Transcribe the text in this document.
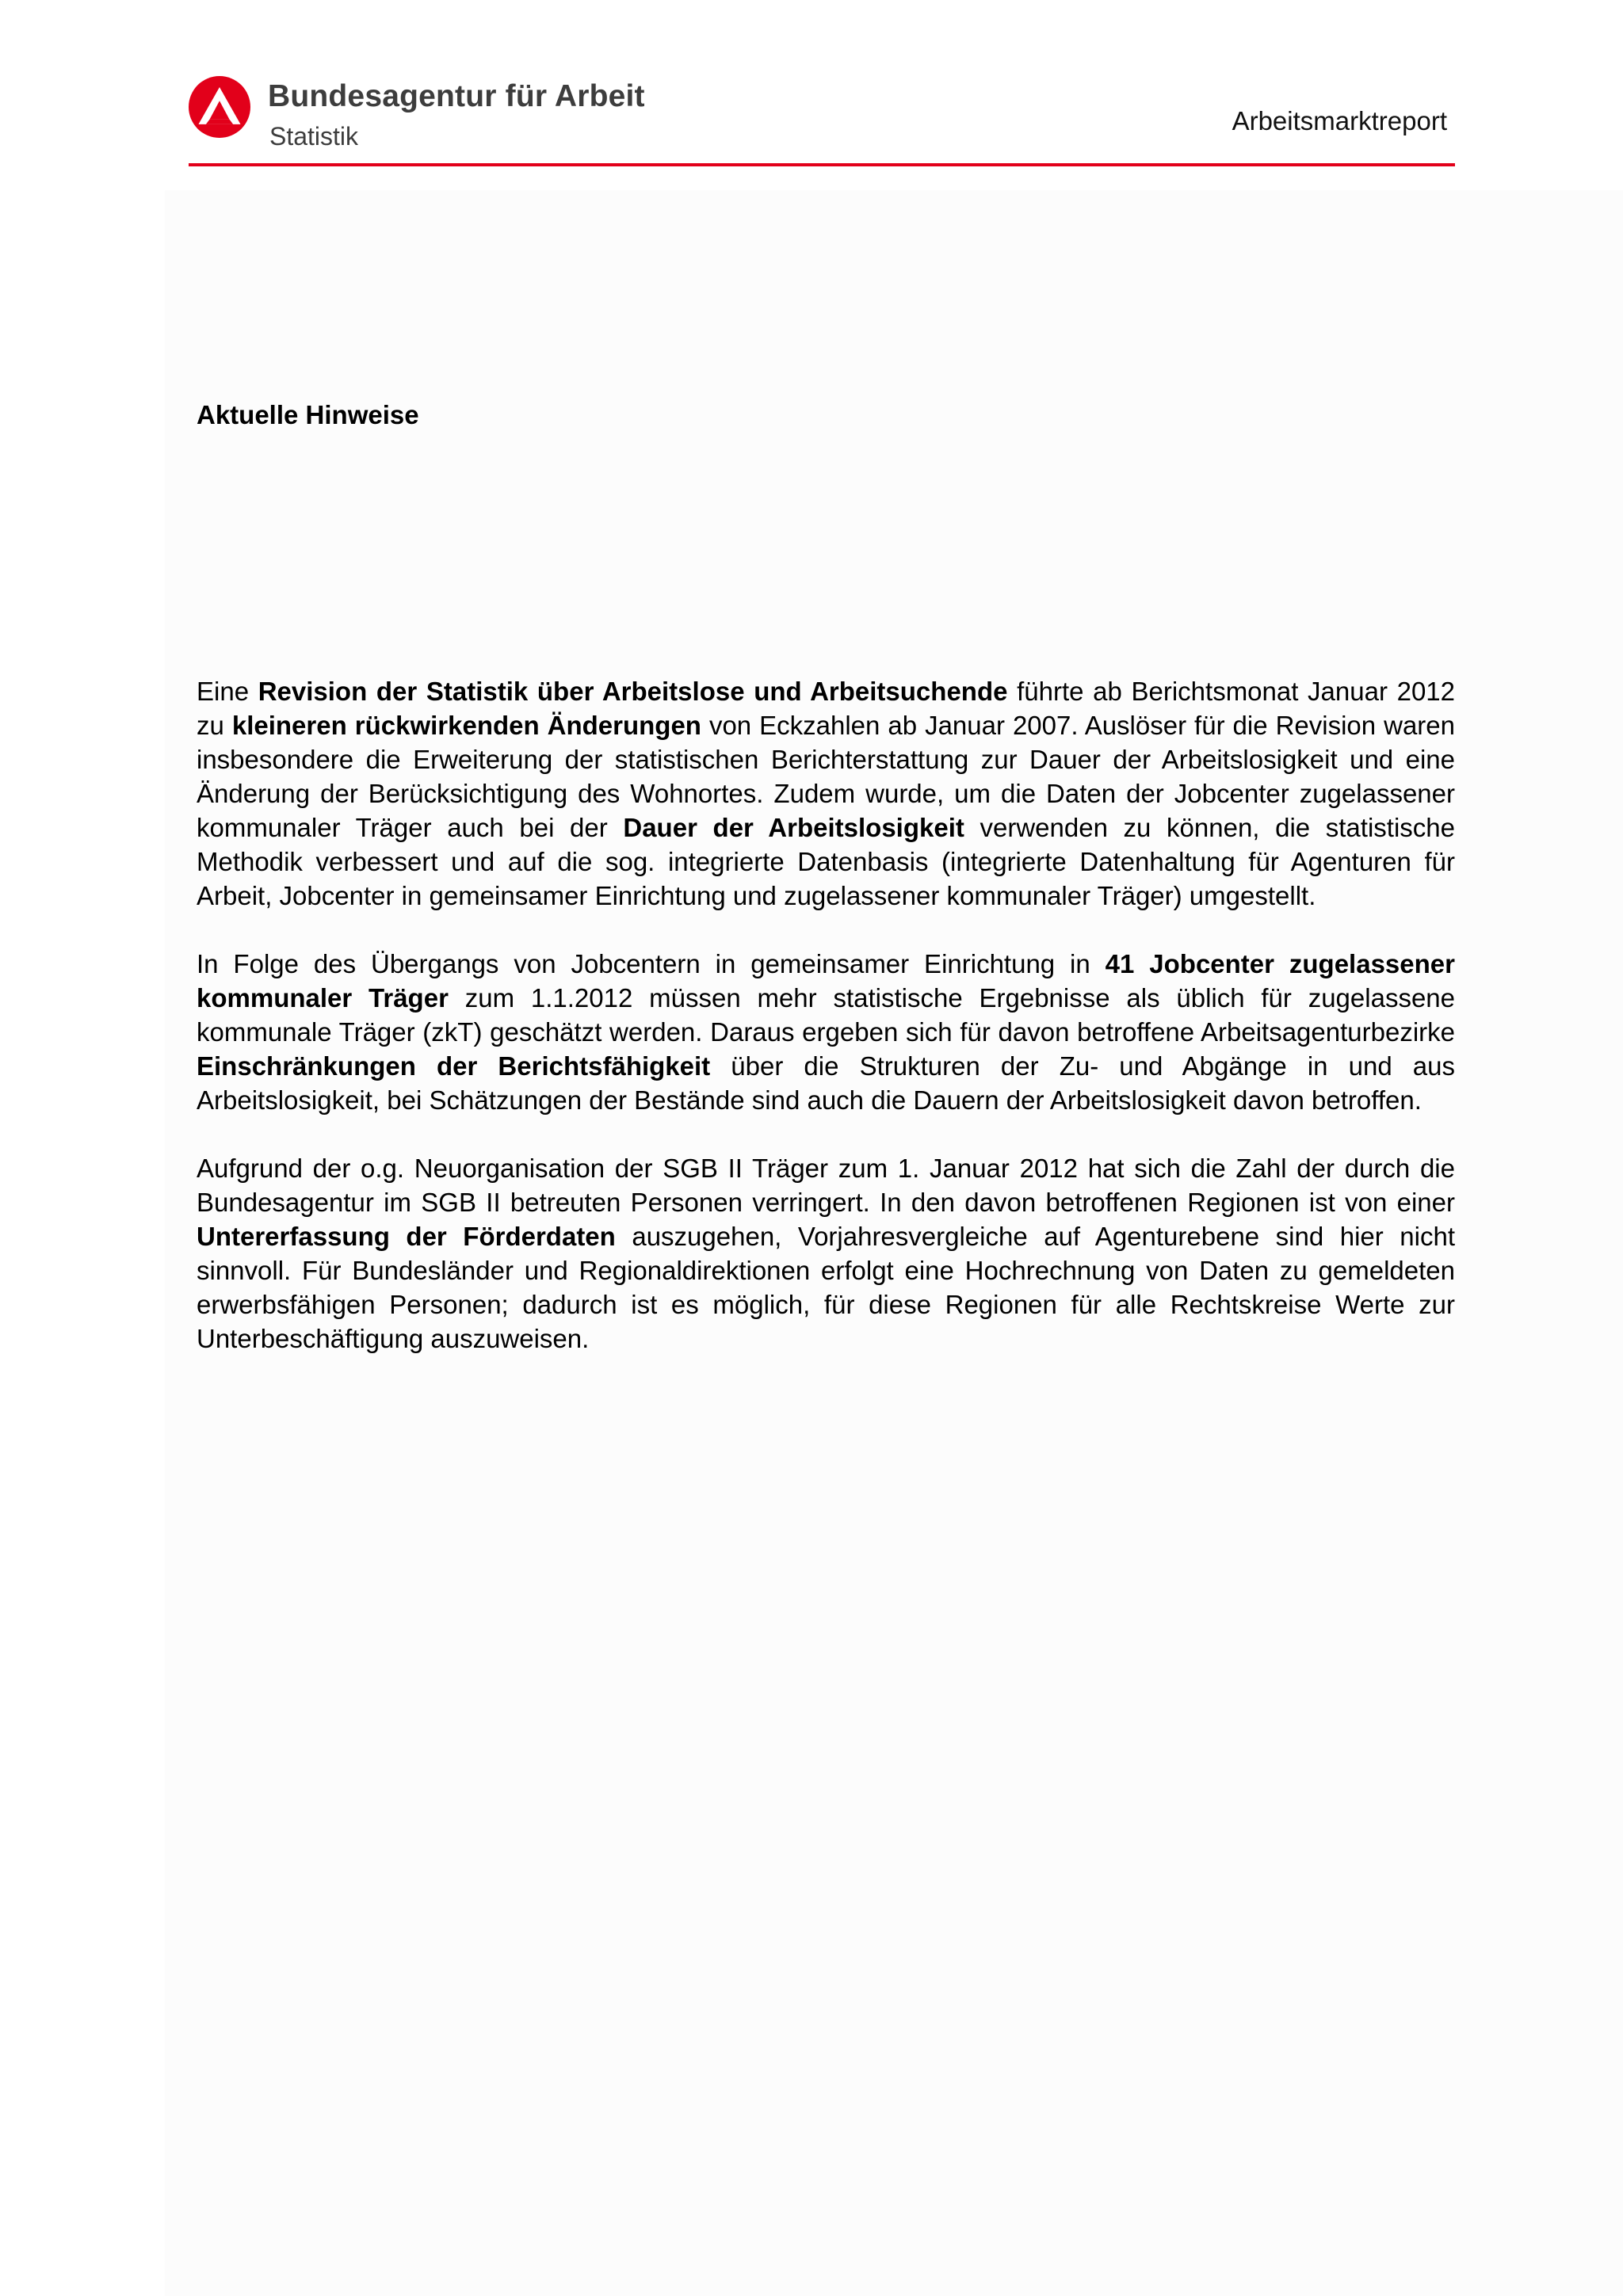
Bundesagentur für Arbeit
Statistik
Arbeitsmarktreport
Aktuelle Hinweise

Eine Revision der Statistik über Arbeitslose und Arbeitsuchende führte ab Berichtsmonat Januar 2012 zu kleineren rückwirkenden Änderungen von Eckzahlen ab Januar 2007. Auslöser für die Revision waren insbesondere die Erweiterung der statistischen Berichterstattung zur Dauer der Arbeitslosigkeit und eine Änderung der Berücksichtigung des Wohnortes. Zudem wurde, um die Daten der Jobcenter zugelassener kommunaler Träger auch bei der Dauer der Arbeitslosigkeit verwenden zu können, die statistische Methodik verbessert und auf die sog. integrierte Datenbasis (integrierte Datenhaltung für Agenturen für Arbeit, Jobcenter in gemeinsamer Einrichtung und zugelassener kommunaler Träger) umgestellt.

In Folge des Übergangs von Jobcentern in gemeinsamer Einrichtung in 41 Jobcenter zugelassener kommunaler Träger zum 1.1.2012 müssen mehr statistische Ergebnisse als üblich für zugelassene kommunale Träger (zkT) geschätzt werden. Daraus ergeben sich für davon betroffene Arbeitsagenturbezirke Einschränkungen der Berichtsfähigkeit über die Strukturen der Zu- und Abgänge in und aus Arbeitslosigkeit, bei Schätzungen der Bestände sind auch die Dauern der Arbeitslosigkeit davon betroffen.

Aufgrund der o.g. Neuorganisation der SGB II Träger zum 1. Januar 2012 hat sich die Zahl der durch die Bundesagentur im SGB II betreuten Personen verringert. In den davon betroffenen Regionen ist von einer Untererfassung der Förderdaten auszugehen, Vorjahresvergleiche auf Agenturebene sind hier nicht sinnvoll. Für Bundesländer und Regionaldirektionen erfolgt eine Hochrechnung von Daten zu gemeldeten erwerbsfähigen Personen; dadurch ist es möglich, für diese Regionen für alle Rechtskreise Werte zur Unterbeschäftigung auszuweisen.
